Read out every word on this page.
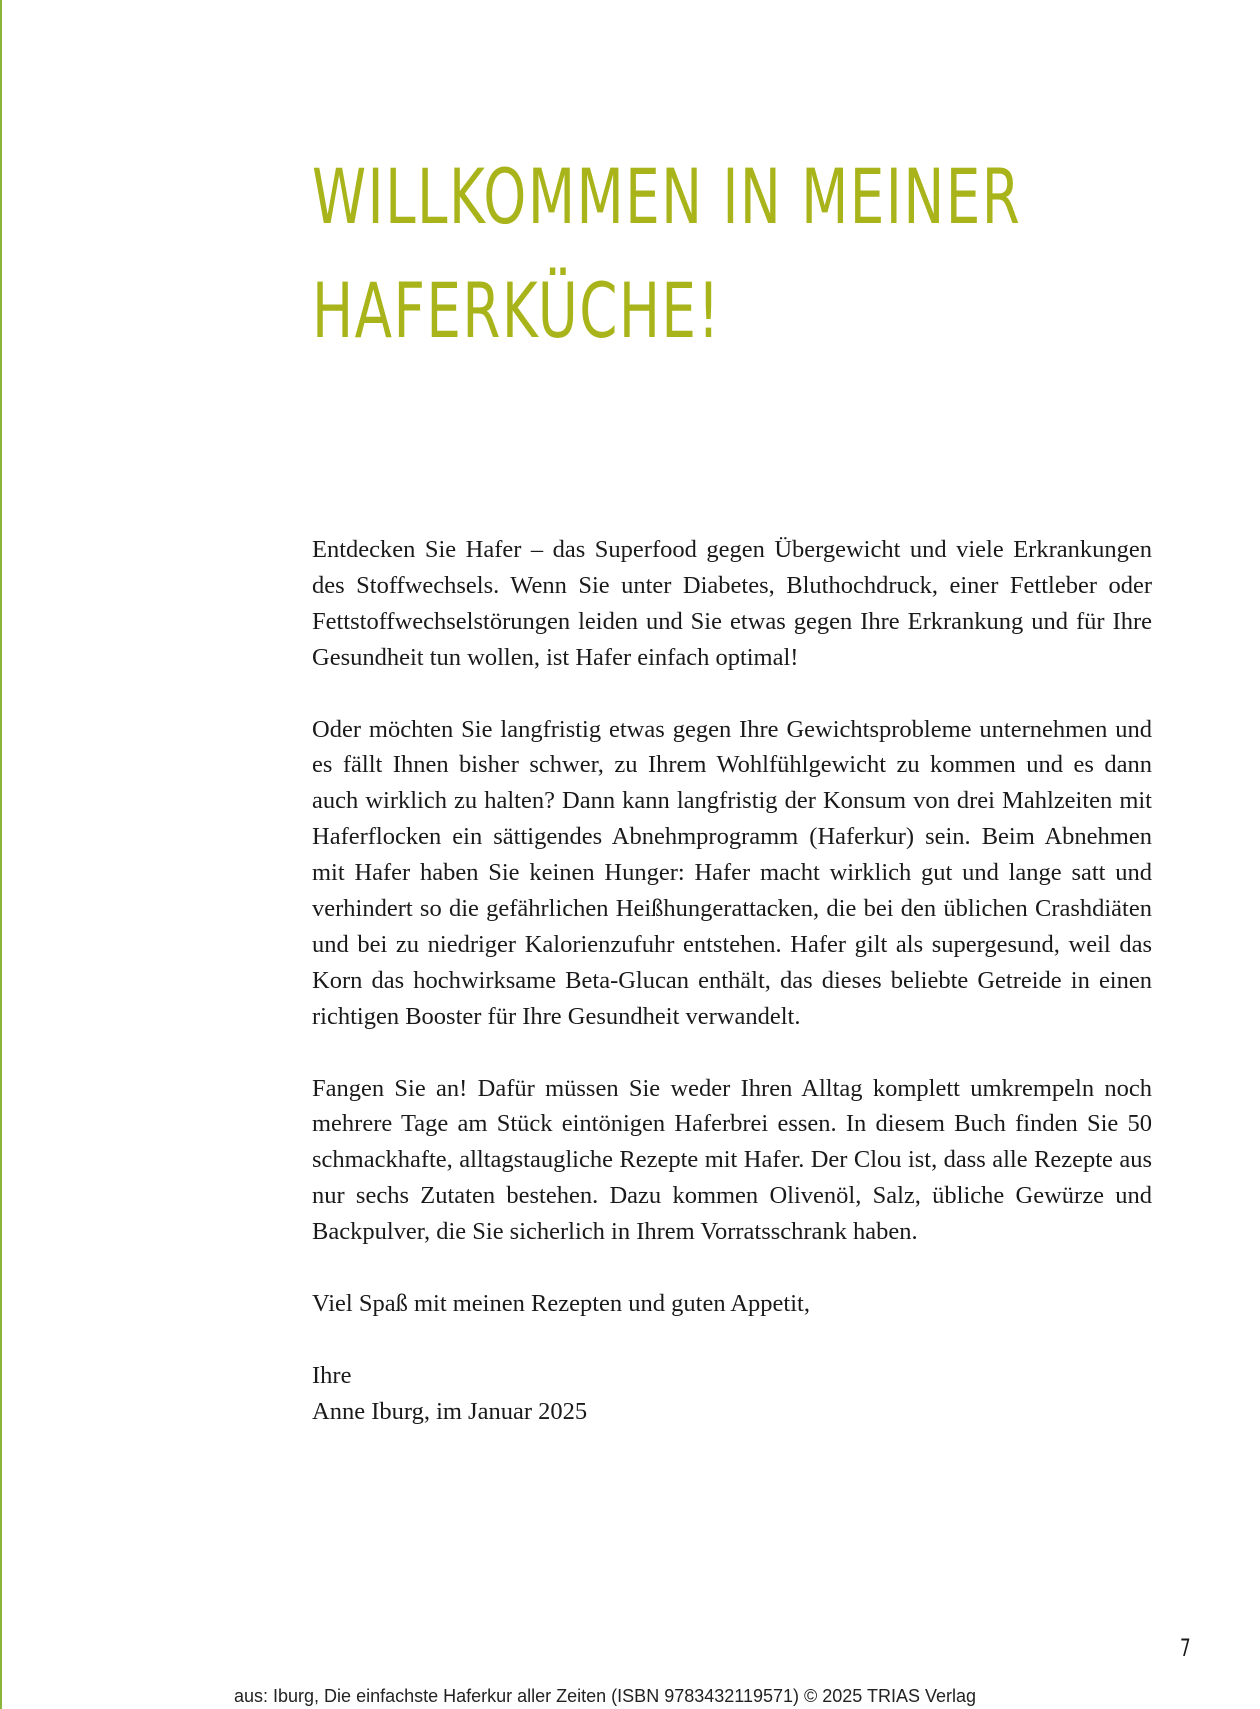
WILLKOMMEN IN MEINER
HAFERKÜCHE!

Entdecken Sie Hafer – das Superfood gegen Übergewicht und viele Erkrankungen des Stoffwechsels. Wenn Sie unter Diabetes, Bluthochdruck, einer Fettleber oder Fettstoffwechselstörungen leiden und Sie etwas gegen Ihre Erkrankung und für Ihre Gesundheit tun wollen, ist Hafer einfach optimal!

Oder möchten Sie langfristig etwas gegen Ihre Gewichtsprobleme unternehmen und es fällt Ihnen bisher schwer, zu Ihrem Wohlfühlgewicht zu kommen und es dann auch wirklich zu halten? Dann kann langfristig der Konsum von drei Mahlzeiten mit Haferflocken ein sättigendes Abnehmprogramm (Haferkur) sein. Beim Abnehmen mit Hafer haben Sie keinen Hunger: Hafer macht wirklich gut und lange satt und verhindert so die gefährlichen Heißhungerattacken, die bei den üblichen Crashdiäten und bei zu niedriger Kalorienzufuhr entstehen. Hafer gilt als supergesund, weil das Korn das hochwirksame Beta-Glucan enthält, das dieses beliebte Getreide in einen richtigen Booster für Ihre Gesundheit verwandelt.

Fangen Sie an! Dafür müssen Sie weder Ihren Alltag komplett umkrempeln noch mehrere Tage am Stück eintönigen Haferbrei essen. In diesem Buch finden Sie 50 schmackhafte, alltagstaugliche Rezepte mit Hafer. Der Clou ist, dass alle Rezepte aus nur sechs Zutaten bestehen. Dazu kommen Olivenöl, Salz, übliche Gewürze und Backpulver, die Sie sicherlich in Ihrem Vorratsschrank haben.

Viel Spaß mit meinen Rezepten und guten Appetit,

Ihre
Anne Iburg, im Januar 2025

7
aus: Iburg, Die einfachste Haferkur aller Zeiten (ISBN 9783432119571) © 2025 TRIAS Verlag
